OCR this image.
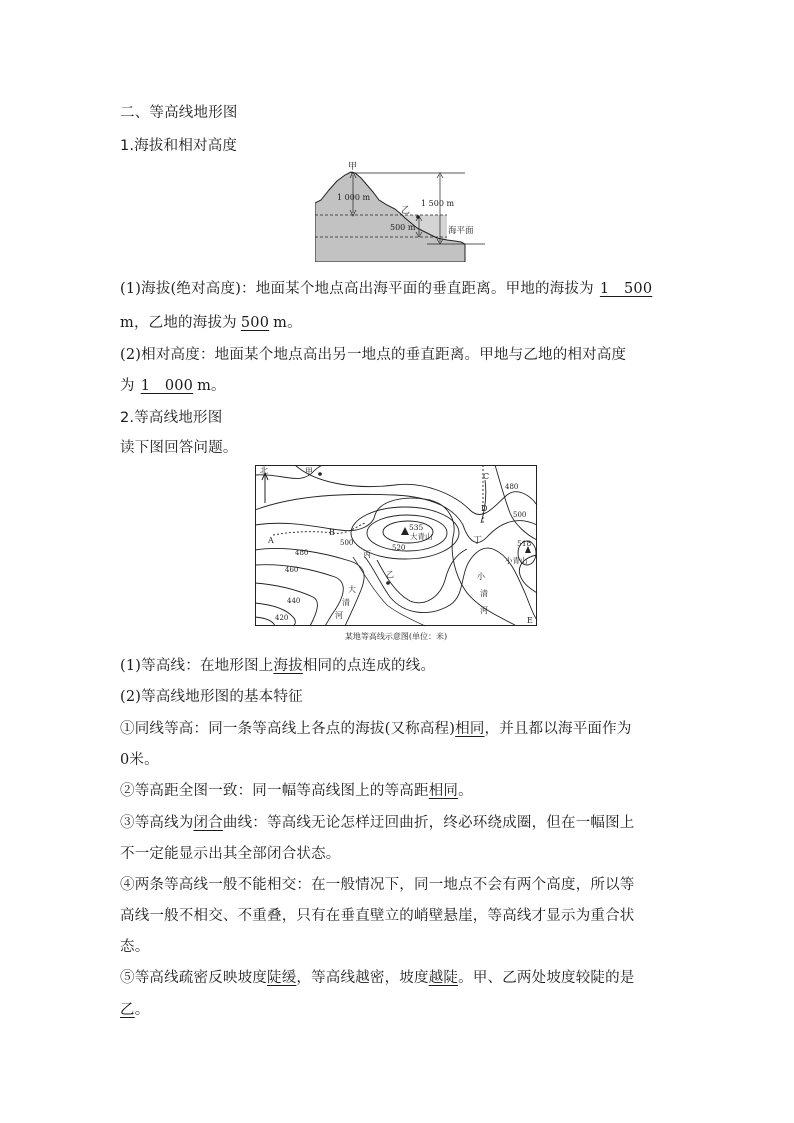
二、等高线地形图
1.海拔和相对高度
甲
乙
1 000 m
1 500 m
500 m	海平面
(1)海拔(绝对高度)：地面某个地点高出海平面的垂直距离。甲地的海拔为 1　500
m，乙地的海拔为 500 m。
(2)相对高度：地面某个地点高出另一地点的垂直距离。甲地与乙地的相对高度
为 1　000 m。
2.等高线地形图
读下图回答问题。
北	甲
A
B
C
D
E
丙
丁
乙
535
大青山
518
小青山
520
500
480
460
440
420
480
500
大
清
河
小
清
河
某地等高线示意图(单位：米)
(1)等高线：在地形图上海拔相同的点连成的线。
(2)等高线地形图的基本特征
①同线等高：同一条等高线上各点的海拔(又称高程)相同，并且都以海平面作为
0米。
②等高距全图一致：同一幅等高线图上的等高距相同。
③等高线为闭合曲线：等高线无论怎样迂回曲折，终必环绕成圈，但在一幅图上
不一定能显示出其全部闭合状态。
④两条等高线一般不能相交：在一般情况下，同一地点不会有两个高度，所以等
高线一般不相交、不重叠，只有在垂直壁立的峭壁悬崖，等高线才显示为重合状
态。
⑤等高线疏密反映坡度陡缓，等高线越密，坡度越陡。甲、乙两处坡度较陡的是
乙。
